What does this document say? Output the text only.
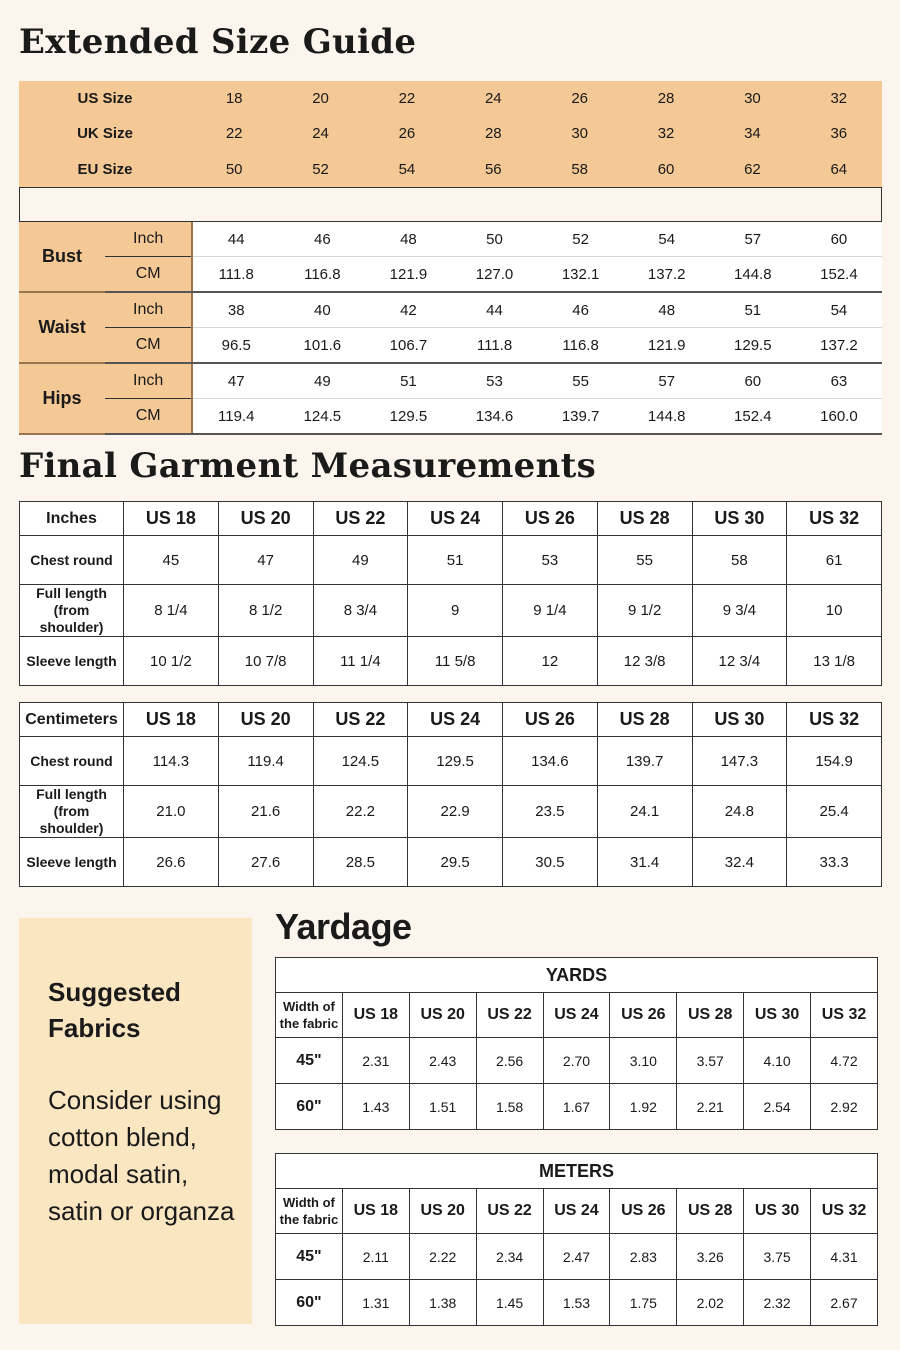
Extended Size Guide
US Size	18	20	22	24	26	28	30	32
UK Size	22	24	26	28	30	32	34	36
EU Size	50	52	54	56	58	60	62	64
Bust	Inch	44	46	48	50	52	54	57	60
	CM	111.8	116.8	121.9	127.0	132.1	137.2	144.8	152.4
Waist	Inch	38	40	42	44	46	48	51	54
	CM	96.5	101.6	106.7	111.8	116.8	121.9	129.5	137.2
Hips	Inch	47	49	51	53	55	57	60	63
	CM	119.4	124.5	129.5	134.6	139.7	144.8	152.4	160.0
Final Garment Measurements
Inches	US 18	US 20	US 22	US 24	US 26	US 28	US 30	US 32
Chest round	45	47	49	51	53	55	58	61
Full length (from shoulder)	8 1/4	8 1/2	8 3/4	9	9 1/4	9 1/2	9 3/4	10
Sleeve length	10 1/2	10 7/8	11 1/4	11 5/8	12	12 3/8	12 3/4	13 1/8
Centimeters	US 18	US 20	US 22	US 24	US 26	US 28	US 30	US 32
Chest round	114.3	119.4	124.5	129.5	134.6	139.7	147.3	154.9
Full length (from shoulder)	21.0	21.6	22.2	22.9	23.5	24.1	24.8	25.4
Sleeve length	26.6	27.6	28.5	29.5	30.5	31.4	32.4	33.3

Suggested Fabrics

Consider using cotton blend, modal satin, satin or organza

Yardage
YARDS								
Width of the fabric	US 18	US 20	US 22	US 24	US 26	US 28	US 30	US 32
45"	2.31	2.43	2.56	2.70	3.10	3.57	4.10	4.72
60"	1.43	1.51	1.58	1.67	1.92	2.21	2.54	2.92
METERS								
Width of the fabric	US 18	US 20	US 22	US 24	US 26	US 28	US 30	US 32
45"	2.11	2.22	2.34	2.47	2.83	3.26	3.75	4.31
60"	1.31	1.38	1.45	1.53	1.75	2.02	2.32	2.67
